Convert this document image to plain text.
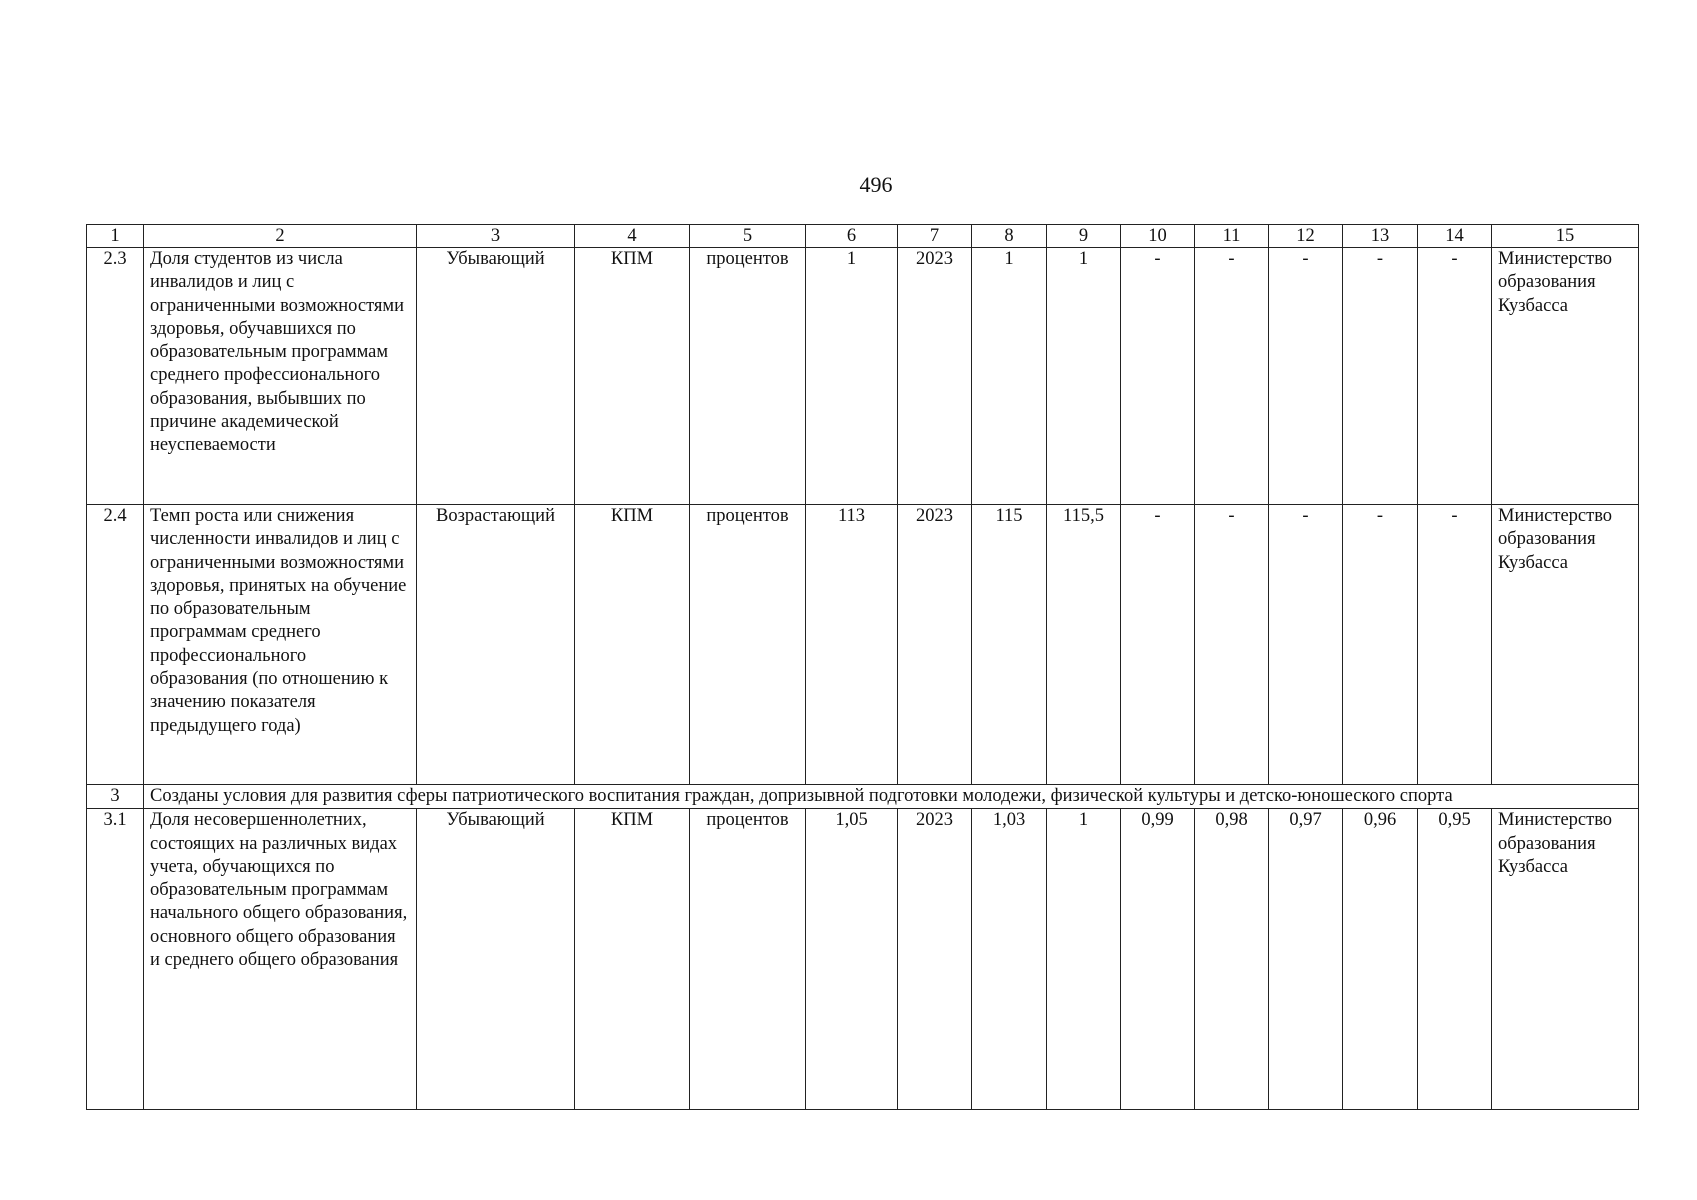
496
1	2	3	4	5	6	7	8	9	10	11	12	13	14	15
2.3	Доля студентов из числа инвалидов и лиц с ограниченными возможностями здоровья, обучавшихся по образовательным программам среднего профессионального образования, выбывших по причине академической неуспеваемости	Убывающий	КПМ	процентов	1	2023	1	1	-	-	-	-	-	Министерство образования Кузбасса
2.4	Темп роста или снижения численности инвалидов и лиц с ограниченными возможностями здоровья, принятых на обучение по образовательным программам среднего профессионального образования (по отношению к значению показателя предыдущего года)	Возрастающий	КПМ	процентов	113	2023	115	115,5	-	-	-	-	-	Министерство образования Кузбасса
3	Созданы условия для развития сферы патриотического воспитания граждан, допризывной подготовки молодежи, физической культуры и детско-юношеского спорта													
3.1	Доля несовершеннолетних, состоящих на различных видах учета, обучающихся по образовательным программам начального общего образования, основного общего образования и среднего общего образования	Убывающий	КПМ	процентов	1,05	2023	1,03	1	0,99	0,98	0,97	0,96	0,95	Министерство образования Кузбасса
